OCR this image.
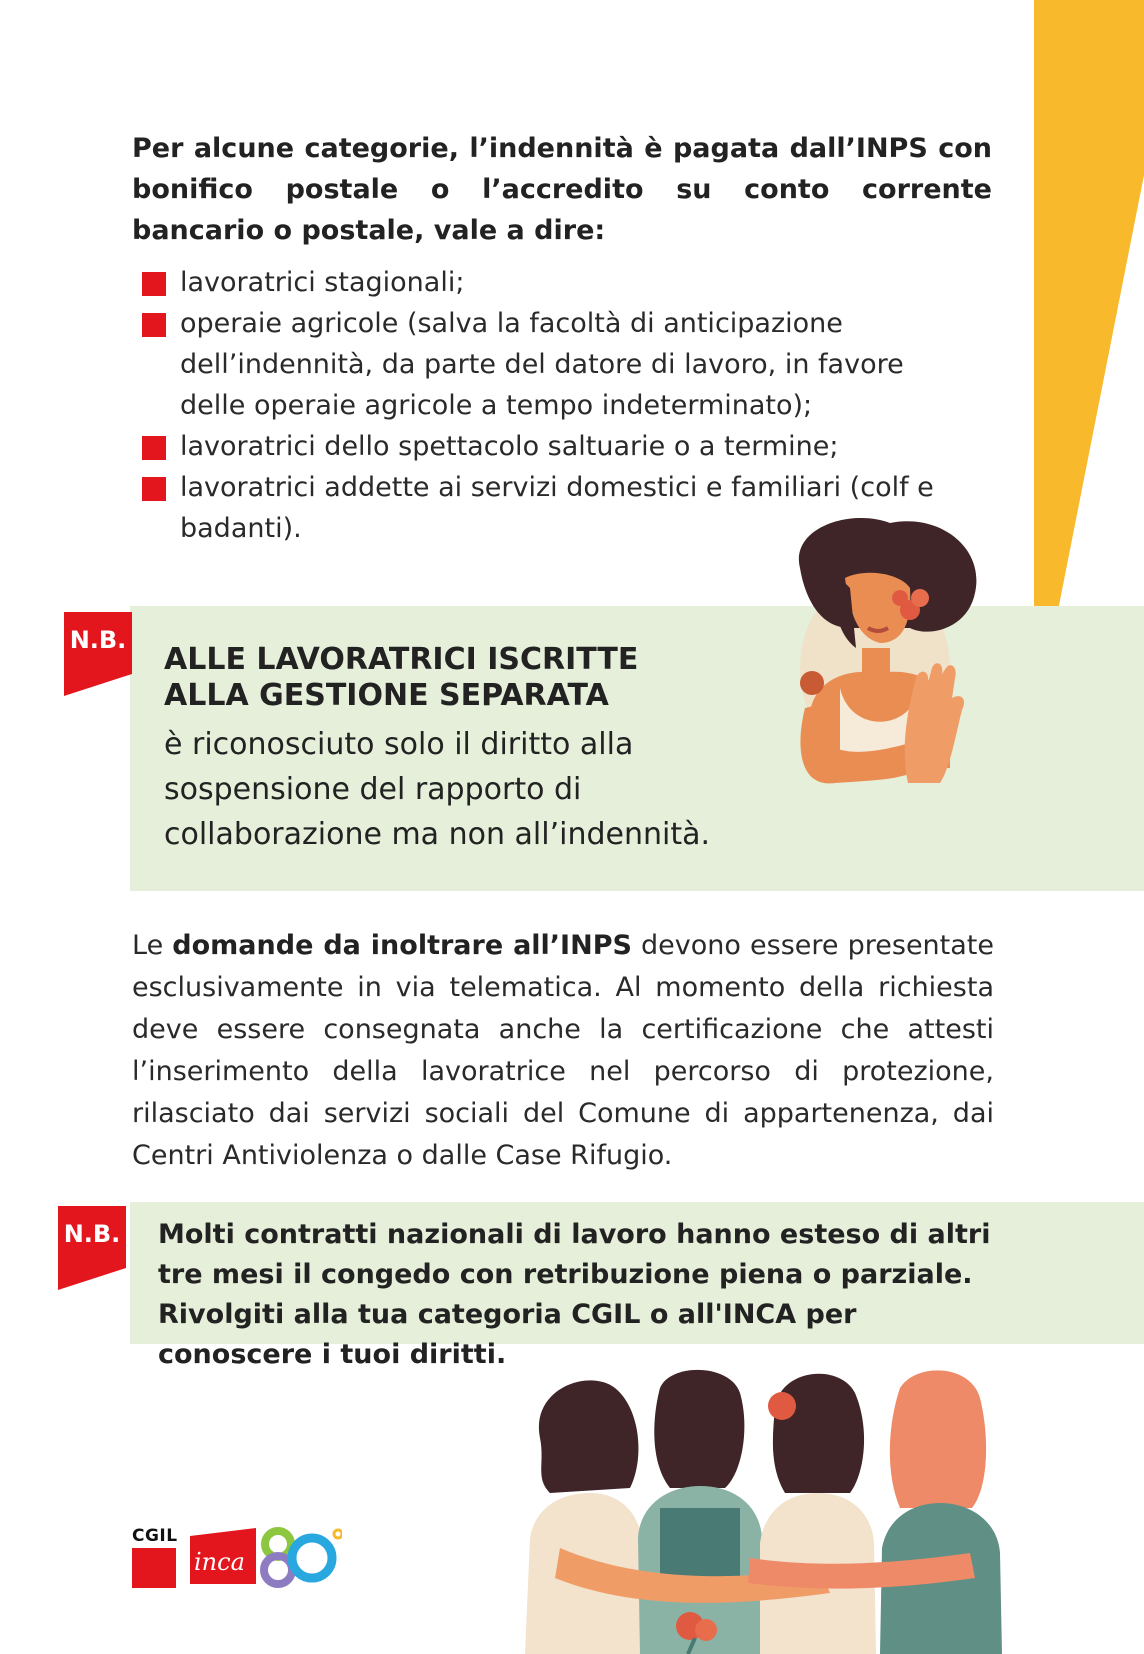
Per alcune categorie, l’indennità è pagata dall’INPS con bonifico postale o l’accredito su conto corrente bancario o postale, vale a dire:
lavoratrici stagionali;
operaie agricole (salva la facoltà di anticipazione dell’indennità, da parte del datore di lavoro, in favore delle operaie agricole a tempo indeterminato);
lavoratrici dello spettacolo saltuarie o a termine;
lavoratrici addette ai servizi domestici e familiari (colf e badanti).
N.B.
ALLE LAVORATRICI ISCRITTE
ALLA GESTIONE SEPARATA
è riconosciuto solo il diritto alla sospensione del rapporto di collaborazione ma non all’indennità.
Le domande da inoltrare all’INPS devono essere presentate esclusivamente in via telematica. Al momento della richiesta deve essere consegnata anche la certificazione che attesti l’inserimento della lavoratrice nel percorso di protezione, rilasciato dai servizi sociali del Comune di appartenenza, dai Centri Antiviolenza o dalle Case Rifugio.
N.B. Molti contratti nazionali di lavoro hanno esteso di altri tre mesi il congedo con retribuzione piena o parziale. Rivolgiti alla tua categoria CGIL o all'INCA per conoscere i tuoi diritti.
CGIL
inca
